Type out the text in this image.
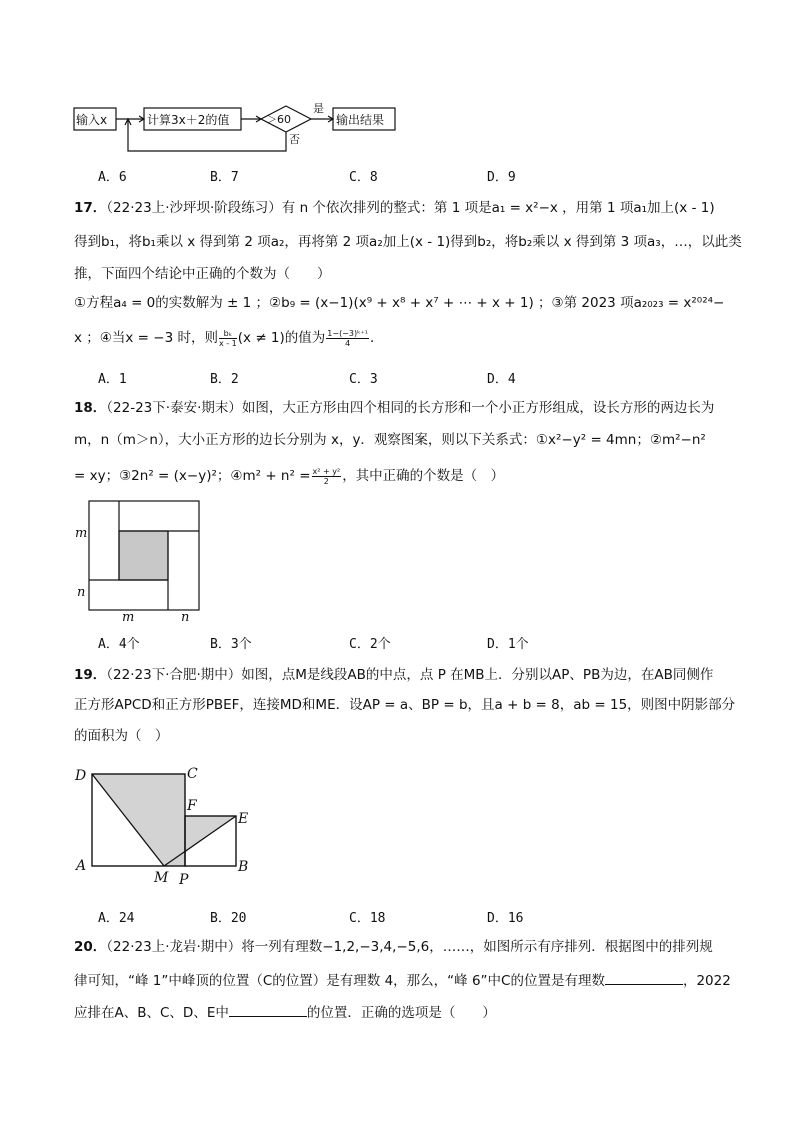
输入x	计算3x＋2的值	＞60
是
否
输出结果
A．6	B．7	C．8	D．9
17．（22·23上·沙坪坝·阶段练习）有 n 个依次排列的整式：第 1 项是a₁ = x²−x ，用第 1 项a₁加上(x - 1)
得到b₁，将b₁乘以 x 得到第 2 项a₂，再将第 2 项a₂加上(x - 1)得到b₂，将b₂乘以 x 得到第 3 项a₃，…，以此类
推，下面四个结论中正确的个数为（　　）
①方程a₄ = 0的实数解为 ± 1 ；②b₉ = (x−1)(x⁹ + x⁸ + x⁷ + ⋯ + x + 1) ；③第 2023 项a₂₀₂₃ = x²⁰²⁴−
x ；④当x = −3 时，则 $\frac{\text{bₖ}}{x - 1} (x \ne 1)$的值为 $\frac{\text{1−(−3)ᵏ⁺¹}}{4}$ ．
A．1	B．2	C．3	D．4
18．（22-23下·泰安·期末）如图，大正方形由四个相同的长方形和一个小正方形组成，设长方形的两边长为
m，n（m＞n），大小正方形的边长分别为 x，y．观察图案，则以下关系式：①x²−y² = 4mn；②m²−n²
= xy；③2n² = (x−y)²；④m² + $n^2 = \frac{\text{x² + y²}}{2}$ ，其中正确的个数是（　）
m
n
m	n
A．4个	B．3个	C．2个	D．1个
19．（22·23下·合肥·期中）如图，点M是线段AB的中点，点 P 在MB上．分别以AP、PB为边，在AB同侧作
正方形APCD和正方形PBEF，连接MD和ME．设AP = a、BP = b，且a + b = 8，ab = 15，则图中阴影部分
的面积为（　）
D	C
F
E
A
M P
B
A．24	B．20	C．18	D．16
20．（22·23上·龙岩·期中）将一列有理数−1,2,−3,4,−5,6，……，如图所示有序排列．根据图中的排列规
律可知，“峰 1”中峰顶的位置（C的位置）是有理数 4，那么，“峰 6”中C的位置是有理数	，2022
应排在A、B、C、D、E中	的位置．正确的选项是（　　）
